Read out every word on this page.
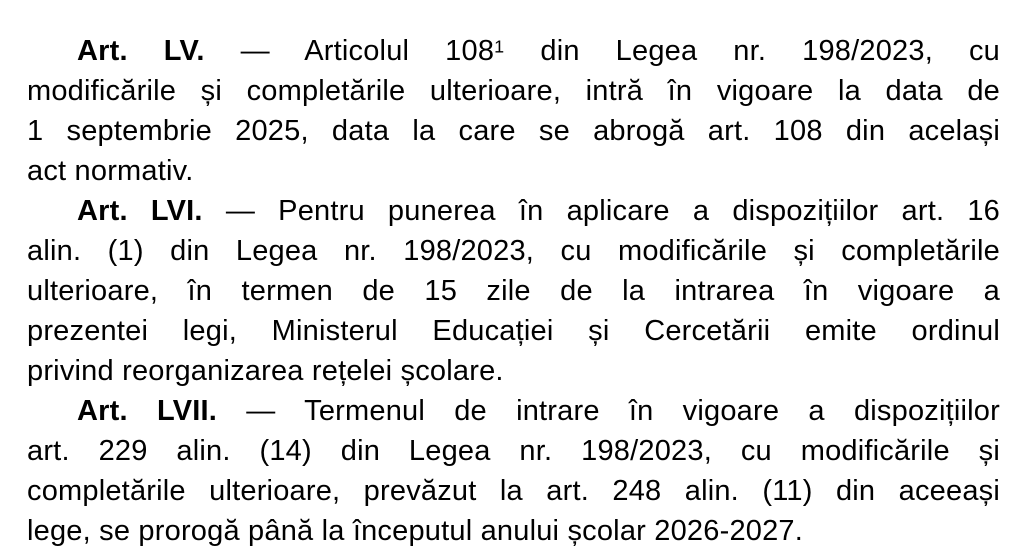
Art. LV. — Articolul $108^1$ din Legea nr. 198/2023, cu
modificările și completările ulterioare, intră în vigoare la data de
1 septembrie 2025, data la care se abrogă art. 108 din același
act normativ.
Art. LVI. — Pentru punerea în aplicare a dispozițiilor art. 16
alin. (1) din Legea nr. 198/2023, cu modificările și completările
ulterioare, în termen de 15 zile de la intrarea în vigoare a
prezentei legi, Ministerul Educației și Cercetării emite ordinul
privind reorganizarea rețelei școlare.
Art. LVII. — Termenul de intrare în vigoare a dispozițiilor
art. 229 alin. (14) din Legea nr. 198/2023, cu modificările și
completările ulterioare, prevăzut la art. 248 alin. (11) din aceeași
lege, se prorogă până la începutul anului școlar 2026-2027.
